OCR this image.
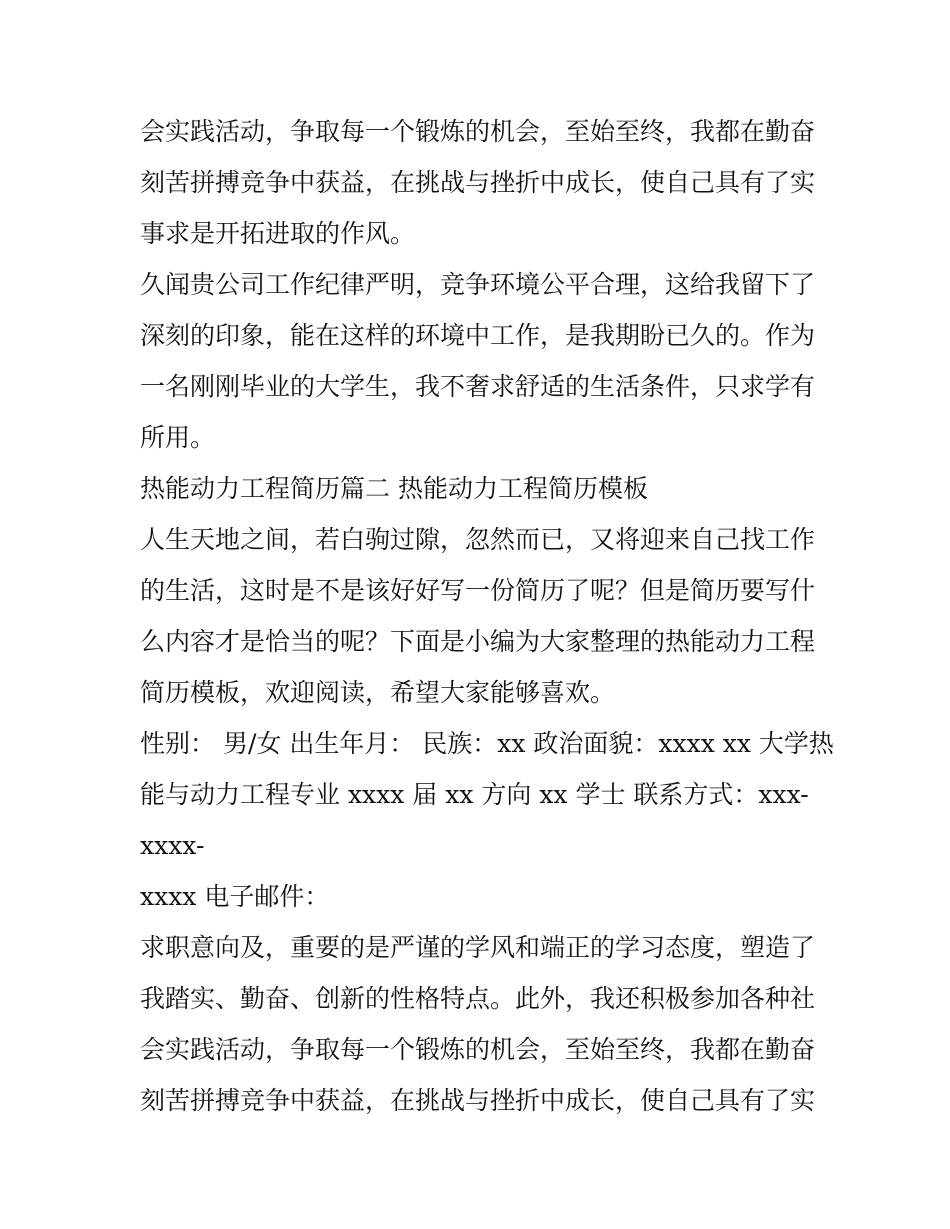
会实践活动，争取每一个锻炼的机会，至始至终，我都在勤奋
刻苦拼搏竞争中获益，在挑战与挫折中成长，使自己具有了实
事求是开拓进取的作风。
久闻贵公司工作纪律严明，竞争环境公平合理，这给我留下了
深刻的印象，能在这样的环境中工作，是我期盼已久的。作为
一名刚刚毕业的大学生，我不奢求舒适的生活条件，只求学有
所用。
热能动力工程简历篇二 热能动力工程简历模板
人生天地之间，若白驹过隙，忽然而已，又将迎来自己找工作
的生活，这时是不是该好好写一份简历了呢？但是简历要写什
么内容才是恰当的呢？下面是小编为大家整理的热能动力工程
简历模板，欢迎阅读，希望大家能够喜欢。
性别： 男/女 出生年月： 民族：xx 政治面貌：xxxx xx 大学热
能与动力工程专业 xxxx 届 xx 方向 xx 学士 联系方式：xxx-
xxxx-
xxxx 电子邮件：
求职意向及，重要的是严谨的学风和端正的学习态度，塑造了
我踏实、勤奋、创新的性格特点。此外，我还积极参加各种社
会实践活动，争取每一个锻炼的机会，至始至终，我都在勤奋
刻苦拼搏竞争中获益，在挑战与挫折中成长，使自己具有了实
